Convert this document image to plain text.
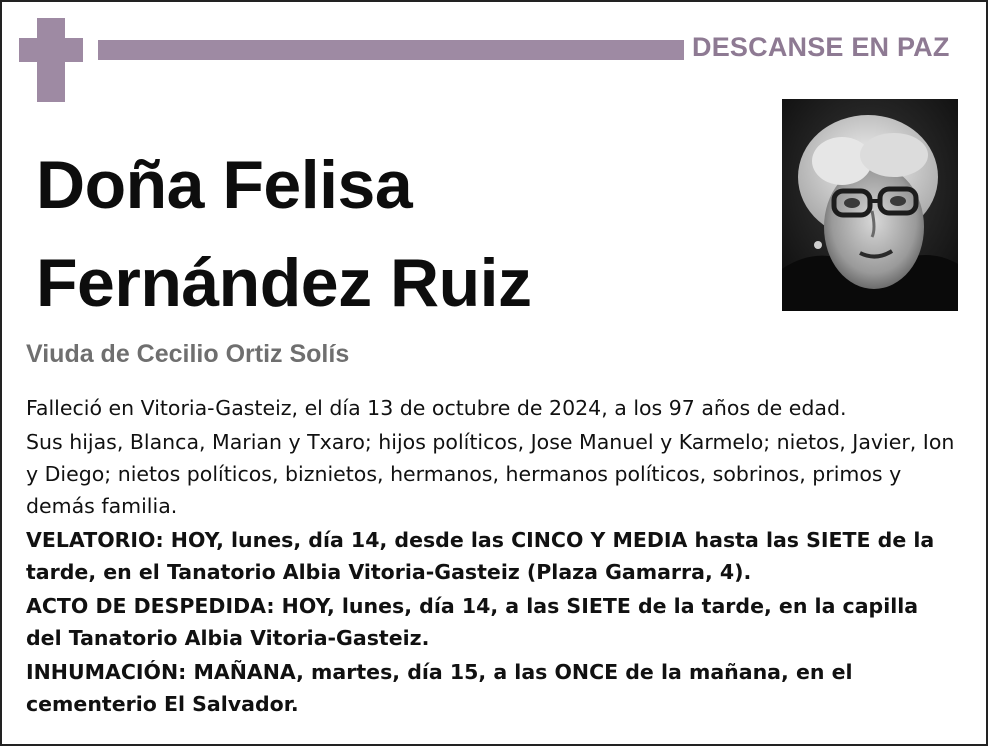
DESCANSE EN PAZ
Doña Felisa
Fernández Ruiz
Viuda de Cecilio Ortiz Solís

Falleció en Vitoria-Gasteiz, el día 13 de octubre de 2024, a los 97 años de edad.

Sus hijas, Blanca, Marian y Txaro; hijos políticos, Jose Manuel y Karmelo; nietos, Javier, Ion y Diego; nietos políticos, biznietos, hermanos, hermanos políticos, sobrinos, primos y demás familia.

VELATORIO: HOY, lunes, día 14, desde las CINCO Y MEDIA hasta las SIETE de la tarde, en el Tanatorio Albia Vitoria-Gasteiz (Plaza Gamarra, 4).

ACTO DE DESPEDIDA: HOY, lunes, día 14, a las SIETE de la tarde, en la capilla del Tanatorio Albia Vitoria-Gasteiz.

INHUMACIÓN: MAÑANA, martes, día 15, a las ONCE de la mañana, en el cementerio El Salvador.
